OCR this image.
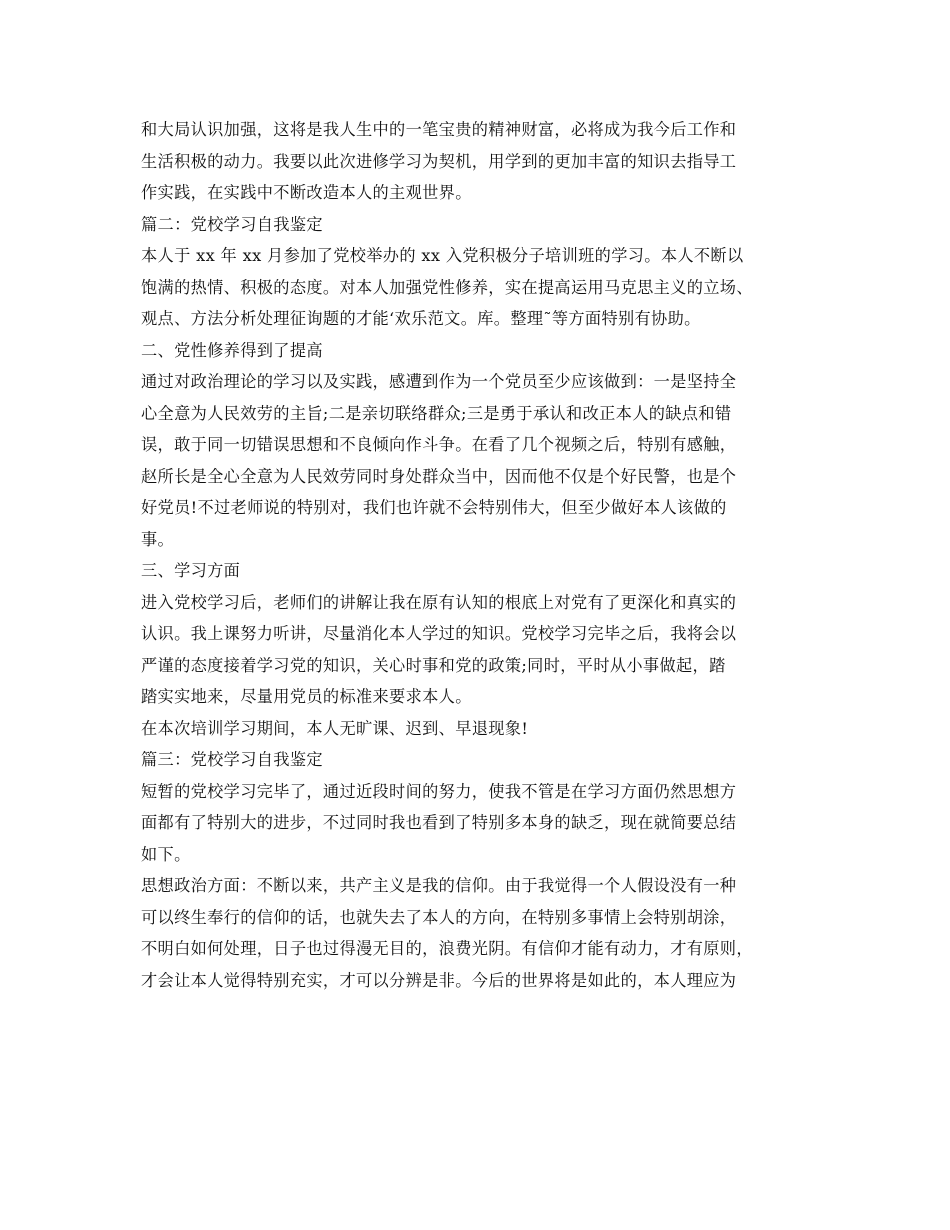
和大局认识加强，这将是我人生中的一笔宝贵的精神财富，必将成为我今后工作和
生活积极的动力。我要以此次进修学习为契机，用学到的更加丰富的知识去指导工
作实践，在实践中不断改造本人的主观世界。
篇二：党校学习自我鉴定
本人于 xx 年 xx 月参加了党校举办的 xx 入党积极分子培训班的学习。本人不断以
饱满的热情、积极的态度。对本人加强党性修养，实在提高运用马克思主义的立场、
观点、方法分析处理征询题的才能‘欢乐范文。库。整理˜等方面特别有协助。
二、党性修养得到了提高
通过对政治理论的学习以及实践，感遭到作为一个党员至少应该做到：一是坚持全
心全意为人民效劳的主旨;二是亲切联络群众;三是勇于承认和改正本人的缺点和错
误，敢于同一切错误思想和不良倾向作斗争。在看了几个视频之后，特别有感触，
赵所长是全心全意为人民效劳同时身处群众当中，因而他不仅是个好民警，也是个
好党员!不过老师说的特别对，我们也许就不会特别伟大，但至少做好本人该做的
事。
三、学习方面
进入党校学习后，老师们的讲解让我在原有认知的根底上对党有了更深化和真实的
认识。我上课努力听讲，尽量消化本人学过的知识。党校学习完毕之后，我将会以
严谨的态度接着学习党的知识，关心时事和党的政策;同时，平时从小事做起，踏
踏实实地来，尽量用党员的标准来要求本人。
在本次培训学习期间，本人无旷课、迟到、早退现象!
篇三：党校学习自我鉴定
短暂的党校学习完毕了，通过近段时间的努力，使我不管是在学习方面仍然思想方
面都有了特别大的进步，不过同时我也看到了特别多本身的缺乏，现在就简要总结
如下。
思想政治方面：不断以来，共产主义是我的信仰。由于我觉得一个人假设没有一种
可以终生奉行的信仰的话，也就失去了本人的方向，在特别多事情上会特别胡涂，
不明白如何处理，日子也过得漫无目的，浪费光阴。有信仰才能有动力，才有原则，
才会让本人觉得特别充实，才可以分辨是非。今后的世界将是如此的，本人理应为
